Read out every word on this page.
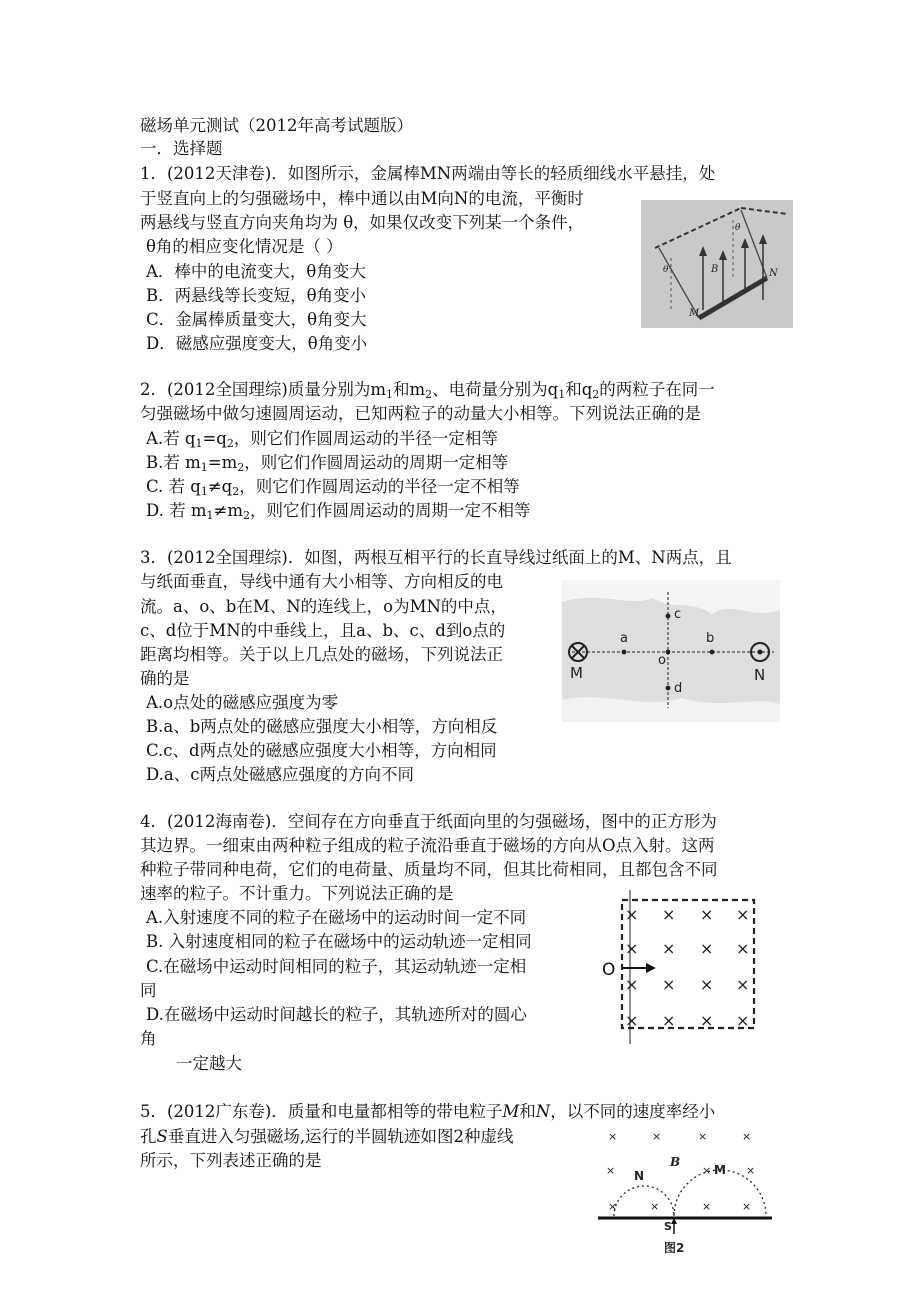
磁场单元测试（2012年高考试题版）
一．选择题
1．(2012天津卷)．如图所示，金属棒MN两端由等长的轻质细线水平悬挂，处
于竖直向上的匀强磁场中，棒中通以由M向N的电流，平衡时
两悬线与竖直方向夹角均为 θ，如果仅改变下列某一个条件，
θ角的相应变化情况是（ ）
A．棒中的电流变大，θ角变大
B．两悬线等长变短，θ角变小
C．金属棒质量变大，θ角变大
D．磁感应强度变大，θ角变小
M
N
B
θ
θ
2．(2012全国理综)质量分别为$m_1$和$m_2$、电荷量分别为$q_1$和$q_2$的两粒子在同一
匀强磁场中做匀速圆周运动，已知两粒子的动量大小相等。下列说法正确的是
A.若 $q_1=q_2$，则它们作圆周运动的半径一定相等
B.若 $m_1=m_2$，则它们作圆周运动的周期一定相等
C. 若 $q_1\ne q_2$，则它们作圆周运动的半径一定不相等
D. 若 $m_1\ne m_2$，则它们作圆周运动的周期一定不相等
3．(2012全国理综)．如图，两根互相平行的长直导线过纸面上的M、N两点，且
与纸面垂直，导线中通有大小相等、方向相反的电
流。a、o、b在M、N的连线上，o为MN的中点，
c、d位于MN的中垂线上，且a、b、c、d到o点的
距离均相等。关于以上几点处的磁场，下列说法正
确的是
A.o点处的磁感应强度为零
B.a、b两点处的磁感应强度大小相等，方向相反
C.c、d两点处的磁感应强度大小相等，方向相同
D.a、c两点处磁感应强度的方向不同
M	N
a
o
b
c
d
4．(2012海南卷)．空间存在方向垂直于纸面向里的匀强磁场，图中的正方形为
其边界。一细束由两种粒子组成的粒子流沿垂直于磁场的方向从O点入射。这两
种粒子带同种电荷，它们的电荷量、质量均不同，但其比荷相同，且都包含不同
速率的粒子。不计重力。下列说法正确的是
A.入射速度不同的粒子在磁场中的运动时间一定不同
B. 入射速度相同的粒子在磁场中的运动轨迹一定相同
C.在磁场中运动时间相同的粒子，其运动轨迹一定相
同
D.在磁场中运动时间越长的粒子，其轨迹所对的圆心
角
一定越大
× × × ×
× × × ×
× × × ×
× × × ×
O
5．(2012广东卷)．质量和电量都相等的带电粒子M和N，以不同的速度率经小
孔S垂直进入匀强磁场,运行的半圆轨迹如图2种虚线
所示，下列表述正确的是
×	×	×	×
×	×	×
×	×	×	×
N	M
B
S
图2
